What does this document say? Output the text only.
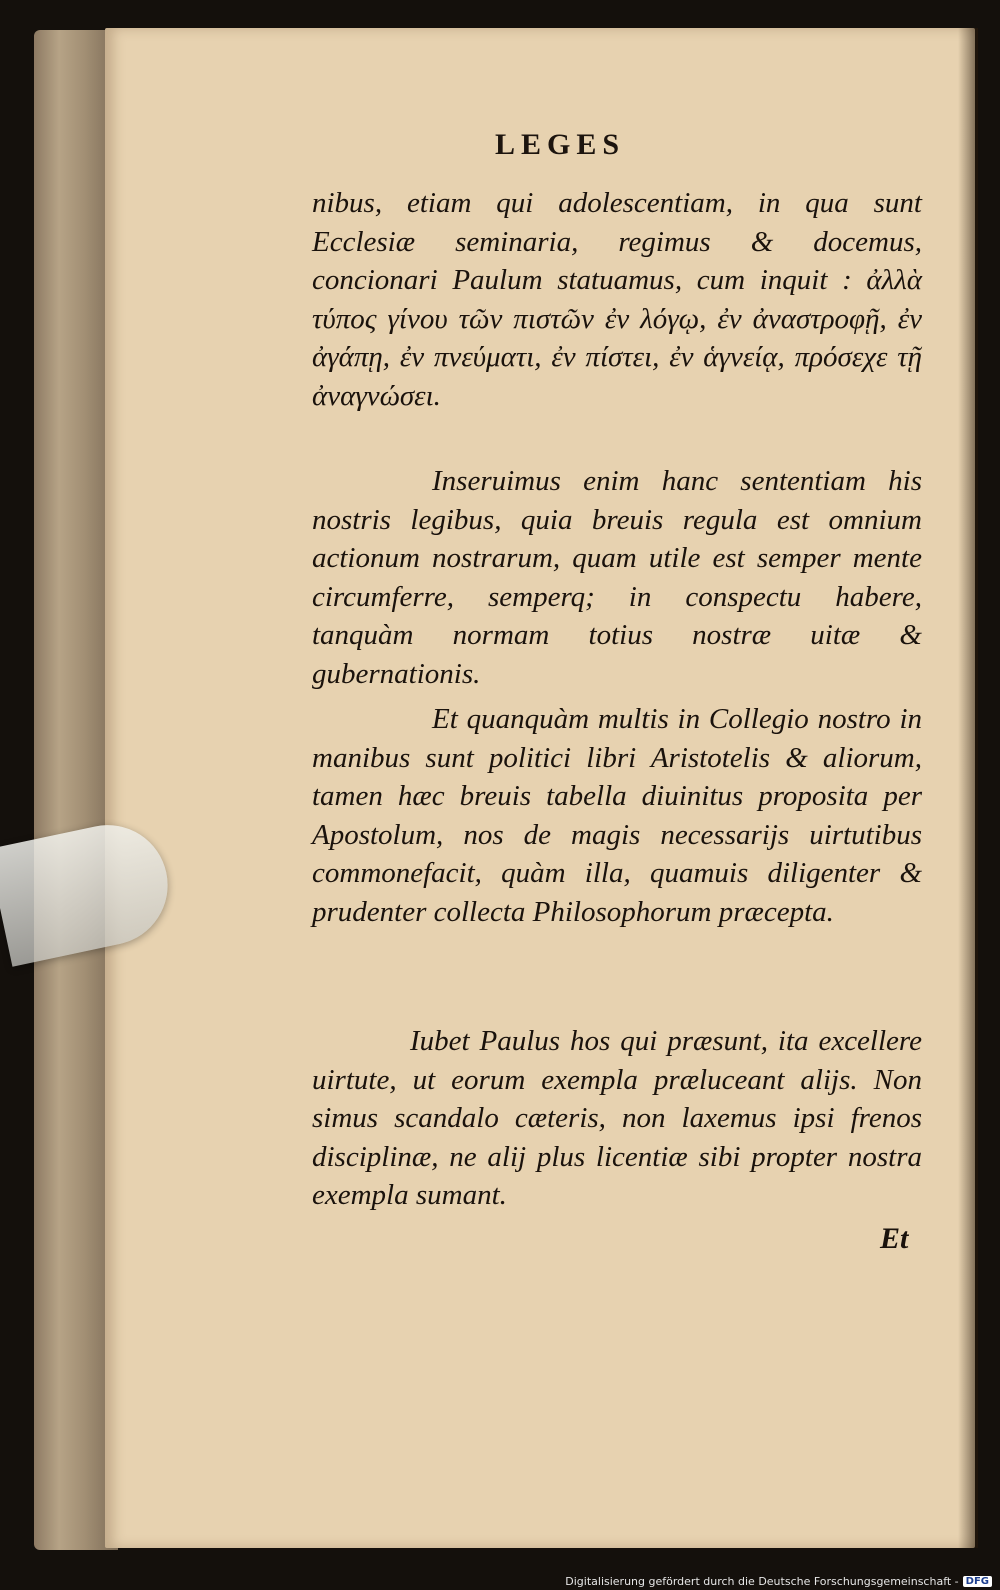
LEGES

nibus, etiam qui adolescentiam, in qua sunt Ecclesiæ seminaria, regimus & docemus, concionari Paulum statuamus, cum inquit : ἀλλὰ τύπος γίνου τῶν πιστῶν ἐν λόγῳ, ἐν ἀναστροφῇ, ἐν ἀγάπῃ, ἐν πνεύματι, ἐν πίστει, ἐν ἁγνείᾳ, πρόσεχε τῇ ἀναγνώσει.

Inseruimus enim hanc sententiam his nostris legibus, quia breuis regula est omnium actionum nostrarum, quam utile est semper mente circumferre, semperq; in conspectu habere, tanquàm normam totius nostræ uitæ & gubernationis.

Et quanquàm multis in Collegio nostro in manibus sunt politici libri Aristotelis & aliorum, tamen hæc breuis tabella diuinitus proposita per Apostolum, nos de magis necessarijs uirtutibus commonefacit, quàm illa, quamuis diligenter & prudenter collecta Philosophorum præcepta.

Iubet Paulus hos qui præsunt, ita excellere uirtute, ut eorum exempla præluceant alijs. Non simus scandalo cæteris, non laxemus ipsi frenos disciplinæ, ne alij plus licentiæ sibi propter nostra exempla sumant.

Et
Digitalisierung gefördert durch die Deutsche Forschungsgemeinschaft - DFG
